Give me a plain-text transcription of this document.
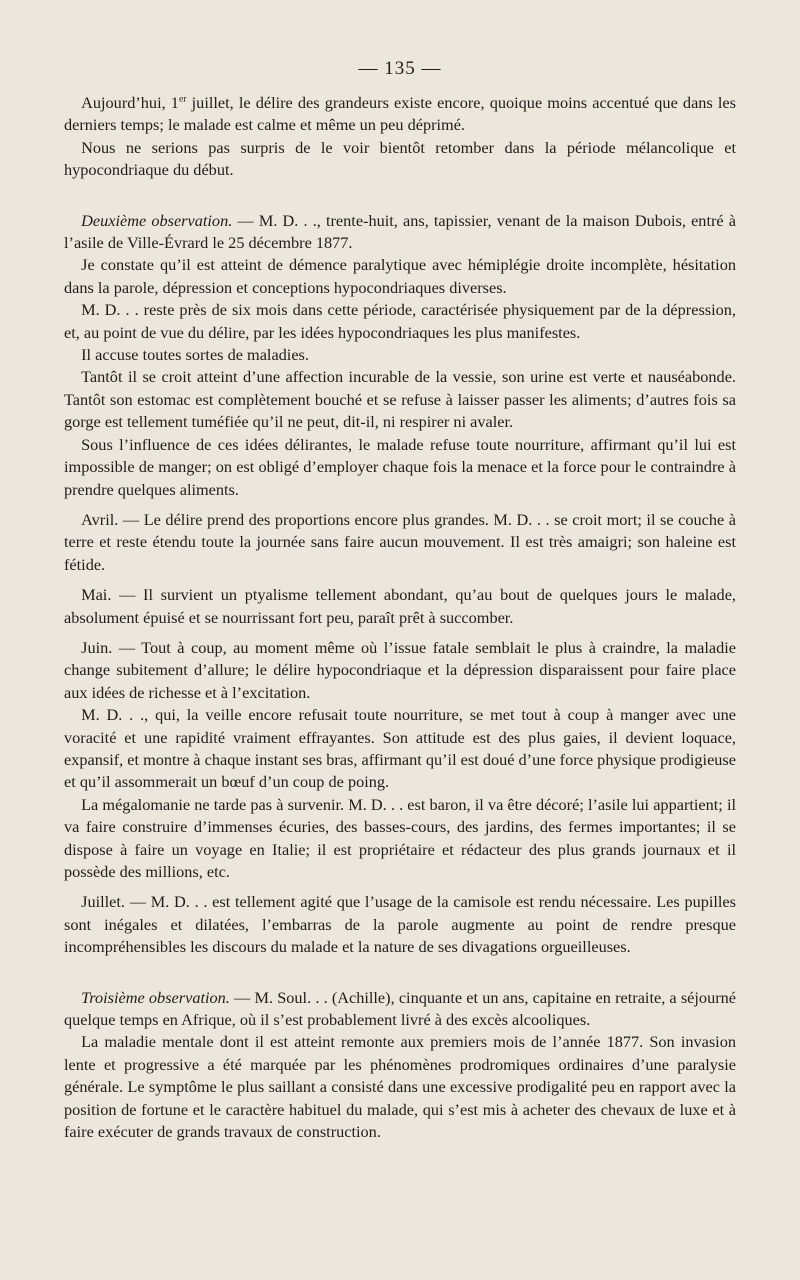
— 135 —

Aujourd’hui, 1er juillet, le délire des grandeurs existe encore, quoique moins accentué que dans les derniers temps; le malade est calme et même un peu déprimé.

Nous ne serions pas surpris de le voir bientôt retomber dans la période mélancolique et hypocondriaque du début.

Deuxième observation. — M. D. . ., trente-huit, ans, tapissier, venant de la maison Dubois, entré à l’asile de Ville-Évrard le 25 décembre 1877.

Je constate qu’il est atteint de démence paralytique avec hémiplégie droite incomplète, hésitation dans la parole, dépression et conceptions hypocondriaques diverses.

M. D. . . reste près de six mois dans cette période, caractérisée physiquement par de la dépression, et, au point de vue du délire, par les idées hypocondriaques les plus manifestes.

Il accuse toutes sortes de maladies.

Tantôt il se croit atteint d’une affection incurable de la vessie, son urine est verte et nauséabonde. Tantôt son estomac est complètement bouché et se refuse à laisser passer les aliments; d’autres fois sa gorge est tellement tuméfiée qu’il ne peut, dit-il, ni respirer ni avaler.

Sous l’influence de ces idées délirantes, le malade refuse toute nourriture, affirmant qu’il lui est impossible de manger; on est obligé d’employer chaque fois la menace et la force pour le contraindre à prendre quelques aliments.

Avril. — Le délire prend des proportions encore plus grandes. M. D. . . se croit mort; il se couche à terre et reste étendu toute la journée sans faire aucun mouvement. Il est très amaigri; son haleine est fétide.

Mai. — Il survient un ptyalisme tellement abondant, qu’au bout de quelques jours le malade, absolument épuisé et se nourrissant fort peu, paraît prêt à succomber.

Juin. — Tout à coup, au moment même où l’issue fatale semblait le plus à craindre, la maladie change subitement d’allure; le délire hypocondriaque et la dépression disparaissent pour faire place aux idées de richesse et à l’excitation.

M. D. . ., qui, la veille encore refusait toute nourriture, se met tout à coup à manger avec une voracité et une rapidité vraiment effrayantes. Son attitude est des plus gaies, il devient loquace, expansif, et montre à chaque instant ses bras, affirmant qu’il est doué d’une force physique prodigieuse et qu’il assommerait un bœuf d’un coup de poing.

La mégalomanie ne tarde pas à survenir. M. D. . . est baron, il va être décoré; l’asile lui appartient; il va faire construire d’immenses écuries, des basses-cours, des jardins, des fermes importantes; il se dispose à faire un voyage en Italie; il est propriétaire et rédacteur des plus grands journaux et il possède des millions, etc.

Juillet. — M. D. . . est tellement agité que l’usage de la camisole est rendu nécessaire. Les pupilles sont inégales et dilatées, l’embarras de la parole augmente au point de rendre presque incompréhensibles les discours du malade et la nature de ses divagations orgueilleuses.

Troisième observation. — M. Soul. . . (Achille), cinquante et un ans, capitaine en retraite, a séjourné quelque temps en Afrique, où il s’est probablement livré à des excès alcooliques.

La maladie mentale dont il est atteint remonte aux premiers mois de l’année 1877. Son invasion lente et progressive a été marquée par les phénomènes prodromiques ordinaires d’une paralysie générale. Le symptôme le plus saillant a consisté dans une excessive prodigalité peu en rapport avec la position de fortune et le caractère habituel du malade, qui s’est mis à acheter des chevaux de luxe et à faire exécuter de grands travaux de construction.
